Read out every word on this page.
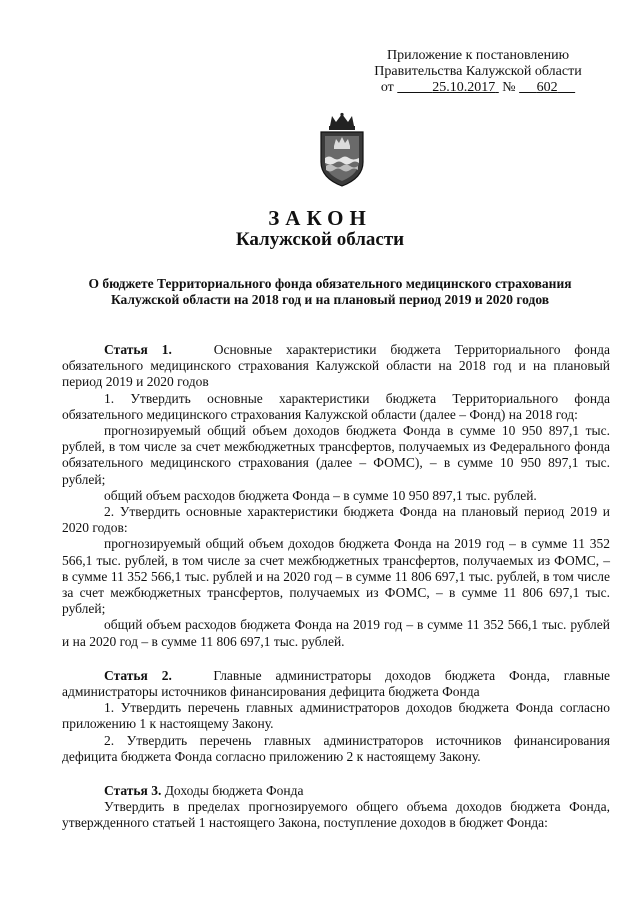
Приложение к постановлению
Правительства Калужской области
от	25.10.2017 № 602
ЗАКОН
Калужской области
О бюджете Территориального фонда обязательного медицинского страхования Калужской области на 2018 год и на плановый период 2019 и 2020 годов

Статья 1.	Основные характеристики бюджета Территориального фонда обязательного медицинского страхования Калужской области на 2018 год и на плановый период 2019 и 2020 годов

1. Утвердить основные характеристики бюджета Территориального фонда обязательного медицинского страхования Калужской области (далее – Фонд) на 2018 год:

прогнозируемый общий объем доходов бюджета Фонда в сумме 10 950 897,1 тыс. рублей, в том числе за счет межбюджетных трансфертов, получаемых из Федерального фонда обязательного медицинского страхования (далее – ФОМС), – в сумме 10 950 897,1 тыс. рублей;

общий объем расходов бюджета Фонда – в сумме 10 950 897,1 тыс. рублей.

2. Утвердить основные характеристики бюджета Фонда на плановый период 2019 и 2020 годов:

прогнозируемый общий объем доходов бюджета Фонда на 2019 год – в сумме 11 352 566,1 тыс. рублей, в том числе за счет межбюджетных трансфертов, получаемых из ФОМС, – в сумме 11 352 566,1 тыс. рублей и на 2020 год – в сумме 11 806 697,1 тыс. рублей, в том числе за счет межбюджетных трансфертов, получаемых из ФОМС, – в сумме 11 806 697,1 тыс. рублей;

общий объем расходов бюджета Фонда на 2019 год – в сумме 11 352 566,1 тыс. рублей и на 2020 год – в сумме 11 806 697,1 тыс. рублей.

Статья 2.	Главные администраторы доходов бюджета Фонда, главные администраторы источников финансирования дефицита бюджета Фонда

1. Утвердить перечень главных администраторов доходов бюджета Фонда согласно приложению 1 к настоящему Закону.

2. Утвердить перечень главных администраторов источников финансирования дефицита бюджета Фонда согласно приложению 2 к настоящему Закону.

Статья 3. Доходы бюджета Фонда

Утвердить в пределах прогнозируемого общего объема доходов бюджета Фонда, утвержденного статьей 1 настоящего Закона, поступление доходов в бюджет Фонда:
